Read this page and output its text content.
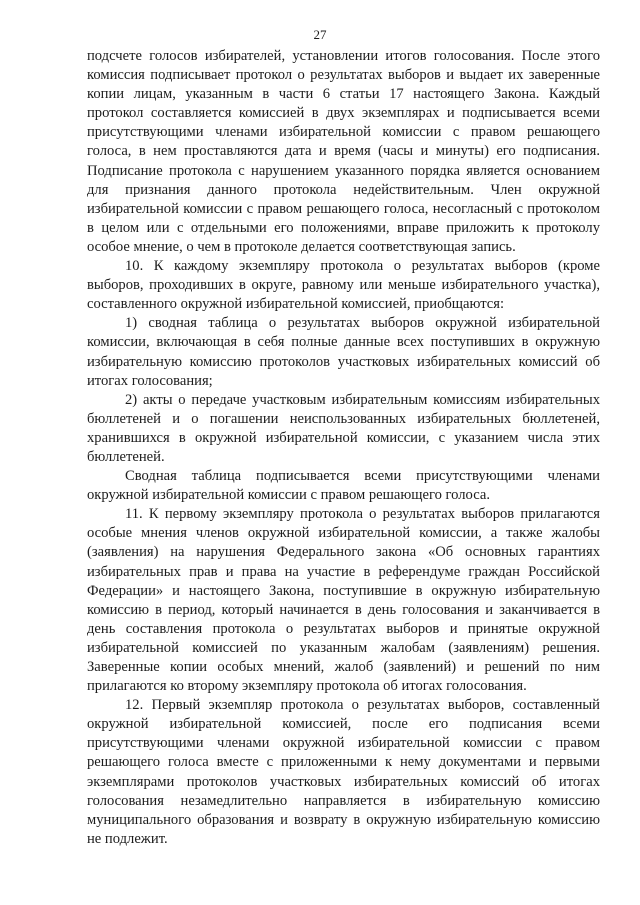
27

подсчете голосов избирателей, установлении итогов голосования. После этого комиссия подписывает протокол о результатах выборов и выдает их заверенные копии лицам, указанным в части 6 статьи 17 настоящего Закона. Каждый протокол составляется комиссией в двух экземплярах и подписывается всеми присутствующими членами избирательной комиссии с правом решающего голоса, в нем проставляются дата и время (часы и минуты) его подписания. Подписание протокола с нарушением указанного порядка является основанием для признания данного протокола недействительным. Член окружной избирательной комиссии с правом решающего голоса, несогласный с протоколом в целом или с отдельными его положениями, вправе приложить к протоколу особое мнение, о чем в протоколе делается соответствующая запись.

10. К каждому экземпляру протокола о результатах выборов (кроме выборов, проходивших в округе, равному или меньше избирательного участка), составленного окружной избирательной комиссией, приобщаются:

1) сводная таблица о результатах выборов окружной избирательной комиссии, включающая в себя полные данные всех поступивших в окружную избирательную комиссию протоколов участковых избирательных комиссий об итогах голосования;

2) акты о передаче участковым избирательным комиссиям избирательных бюллетеней и о погашении неиспользованных избирательных бюллетеней, хранившихся в окружной избирательной комиссии, с указанием числа этих бюллетеней.

Сводная таблица подписывается всеми присутствующими членами окружной избирательной комиссии с правом решающего голоса.

11. К первому экземпляру протокола о результатах выборов прилагаются особые мнения членов окружной избирательной комиссии, а также жалобы (заявления) на нарушения Федерального закона «Об основных гарантиях избирательных прав и права на участие в референдуме граждан Российской Федерации» и настоящего Закона, поступившие в окружную избирательную комиссию в период, который начинается в день голосования и заканчивается в день составления протокола о результатах выборов и принятые окружной избирательной комиссией по указанным жалобам (заявлениям) решения. Заверенные копии особых мнений, жалоб (заявлений) и решений по ним прилагаются ко второму экземпляру протокола об итогах голосования.

12. Первый экземпляр протокола о результатах выборов, составленный окружной избирательной комиссией, после его подписания всеми присутствующими членами окружной избирательной комиссии с правом решающего голоса вместе с приложенными к нему документами и первыми экземплярами протоколов участковых избирательных комиссий об итогах голосования незамедлительно направляется в избирательную комиссию муниципального образования и возврату в окружную избирательную комиссию не подлежит.
